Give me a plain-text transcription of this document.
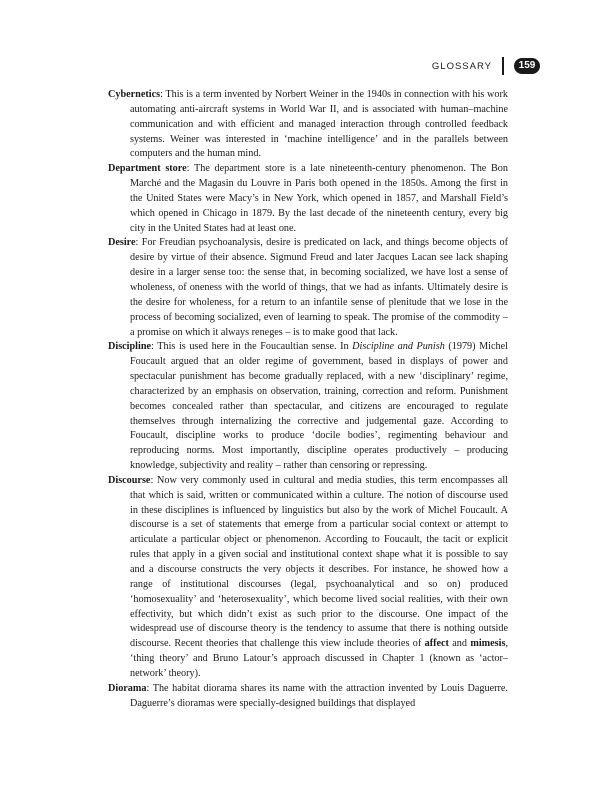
GLOSSARY	159

Cybernetics: This is a term invented by Norbert Weiner in the 1940s in connection with his work automating anti-aircraft systems in World War II, and is associated with human–machine communication and with efficient and managed interaction through controlled feedback systems. Weiner was interested in ‘machine intelligence’ and in the parallels between computers and the human mind.

Department store: The department store is a late nineteenth-century phenomenon. The Bon Marché and the Magasin du Louvre in Paris both opened in the 1850s. Among the first in the United States were Macy’s in New York, which opened in 1857, and Marshall Field’s which opened in Chicago in 1879. By the last decade of the nineteenth century, every big city in the United States had at least one.

Desire: For Freudian psychoanalysis, desire is predicated on lack, and things become objects of desire by virtue of their absence. Sigmund Freud and later Jacques Lacan see lack shaping desire in a larger sense too: the sense that, in becoming socialized, we have lost a sense of wholeness, of oneness with the world of things, that we had as infants. Ultimately desire is the desire for wholeness, for a return to an infantile sense of plenitude that we lose in the process of becoming socialized, even of learning to speak. The promise of the commodity – a promise on which it always reneges – is to make good that lack.

Discipline: This is used here in the Foucaultian sense. In Discipline and Punish (1979) Michel Foucault argued that an older regime of government, based in displays of power and spectacular punishment has become gradually replaced, with a new ‘disciplinary’ regime, characterized by an emphasis on observation, training, correction and reform. Punishment becomes concealed rather than spectacular, and citizens are encouraged to regulate themselves through internalizing the corrective and judgemental gaze. According to Foucault, discipline works to produce ‘docile bodies’, regimenting behaviour and reproducing norms. Most importantly, discipline operates productively – producing knowledge, subjectivity and reality – rather than censoring or repressing.

Discourse: Now very commonly used in cultural and media studies, this term encompasses all that which is said, written or communicated within a culture. The notion of discourse used in these disciplines is influenced by linguistics but also by the work of Michel Foucault. A discourse is a set of statements that emerge from a particular social context or attempt to articulate a particular object or phenomenon. According to Foucault, the tacit or explicit rules that apply in a given social and institutional context shape what it is possible to say and a discourse constructs the very objects it describes. For instance, he showed how a range of institutional discourses (legal, psychoanalytical and so on) produced ‘homosexuality’ and ‘heterosexuality’, which become lived social realities, with their own effectivity, but which didn’t exist as such prior to the discourse. One impact of the widespread use of discourse theory is the tendency to assume that there is nothing outside discourse. Recent theories that challenge this view include theories of affect and mimesis, ‘thing theory’ and Bruno Latour’s approach discussed in Chapter 1 (known as ‘actor–network’ theory).

Diorama: The habitat diorama shares its name with the attraction invented by Louis Daguerre. Daguerre’s dioramas were specially-designed buildings that displayed
